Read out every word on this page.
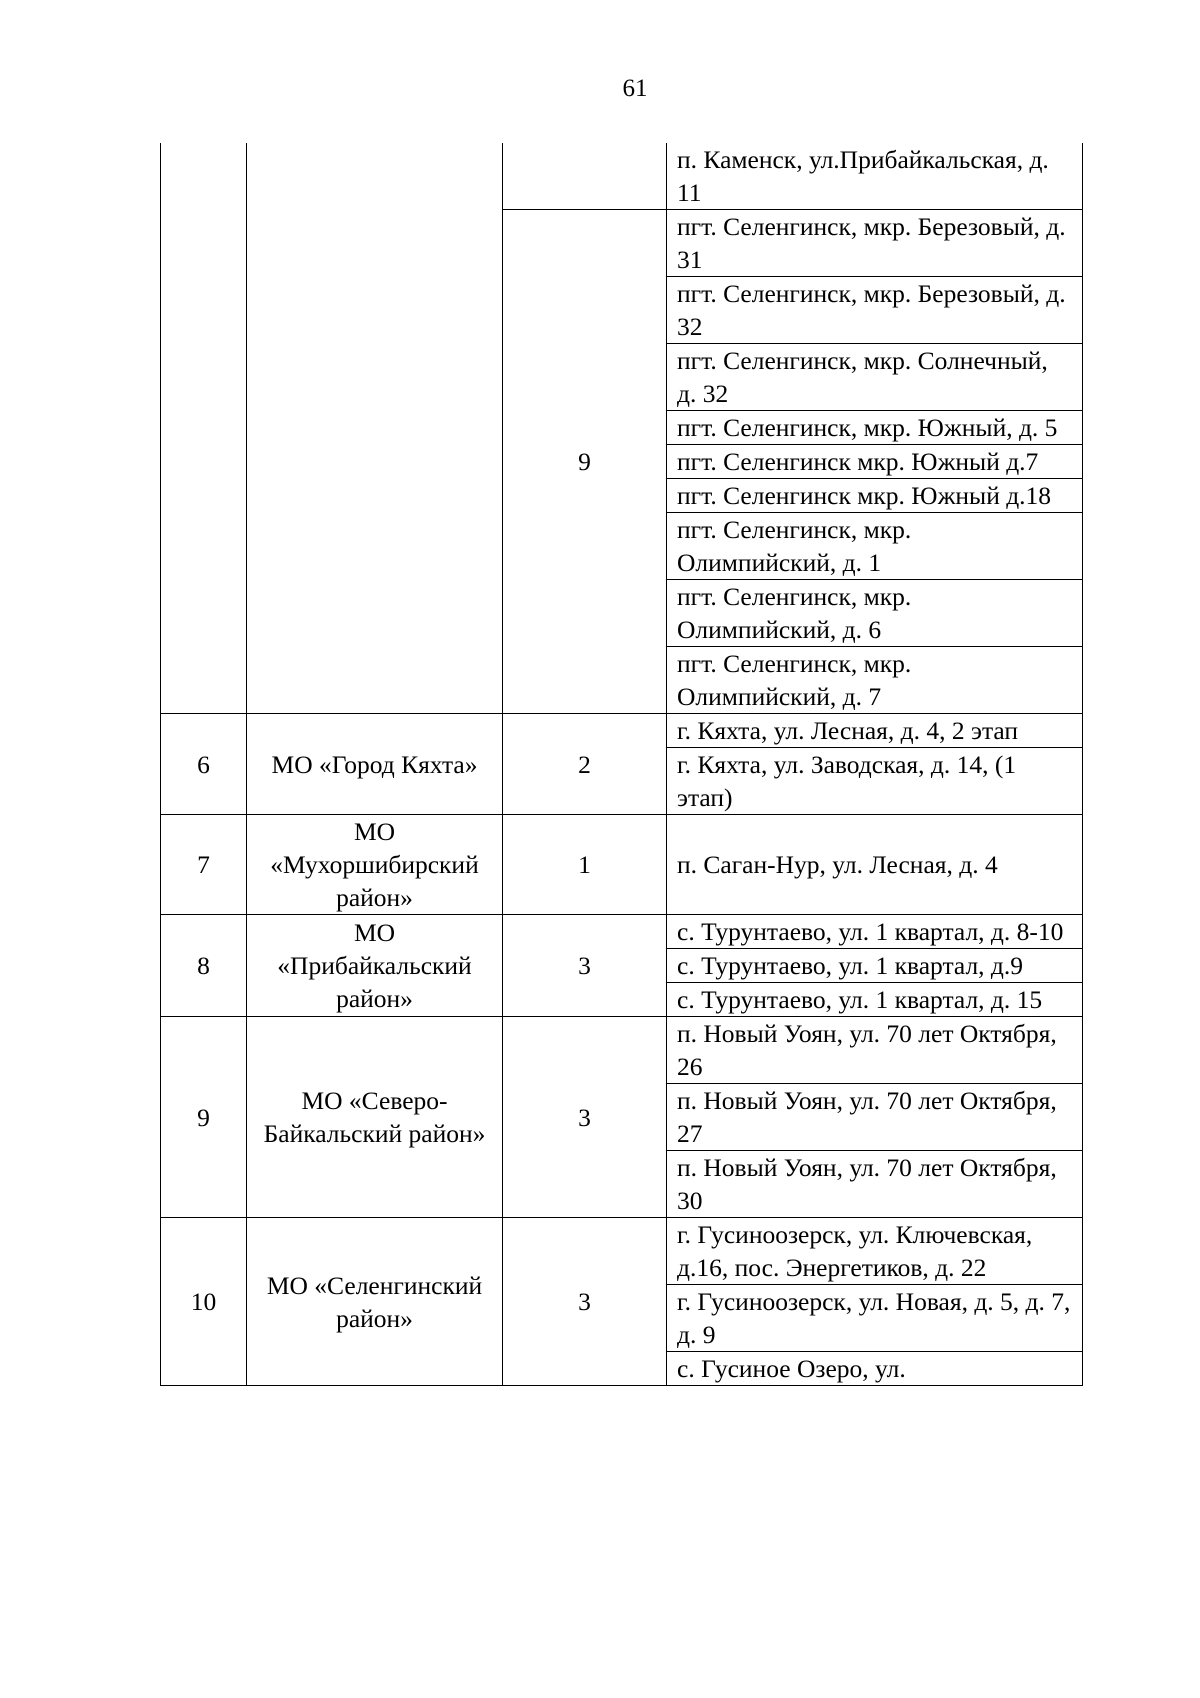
61
			п. Каменск, ул.Прибайкальская, д. 11
		9	пгт. Селенгинск, мкр. Березовый, д. 31
			пгт. Селенгинск, мкр. Березовый, д. 32
			пгт. Селенгинск, мкр. Солнечный, д. 32
			пгт. Селенгинск, мкр. Южный, д. 5
			пгт. Селенгинск мкр. Южный д.7
			пгт. Селенгинск мкр. Южный д.18
			пгт. Селенгинск, мкр. Олимпийский, д. 1
			пгт. Селенгинск, мкр. Олимпийский, д. 6
			пгт. Селенгинск, мкр. Олимпийский, д. 7
6	МО «Город Кяхта»	2	г. Кяхта, ул. Лесная, д. 4, 2 этап
			г. Кяхта, ул. Заводская, д. 14, (1 этап)
7	МО «Мухоршибирский район»	1	п. Саган-Нур, ул. Лесная, д. 4
8	МО «Прибайкальский район»	3	с. Турунтаево, ул. 1 квартал, д. 8-10
			с. Турунтаево, ул. 1 квартал, д.9
			с. Турунтаево, ул. 1 квартал, д. 15
9	МО «Северо-Байкальский район»	3	п. Новый Уоян, ул. 70 лет Октября, 26
			п. Новый Уоян, ул. 70 лет Октября, 27
			п. Новый Уоян, ул. 70 лет Октября, 30
10	МО «Селенгинский район»	3	г. Гусиноозерск, ул. Ключевская, д.16, пос. Энергетиков, д. 22
			г. Гусиноозерск, ул. Новая, д. 5, д. 7, д. 9
			с. Гусиное Озеро, ул.
